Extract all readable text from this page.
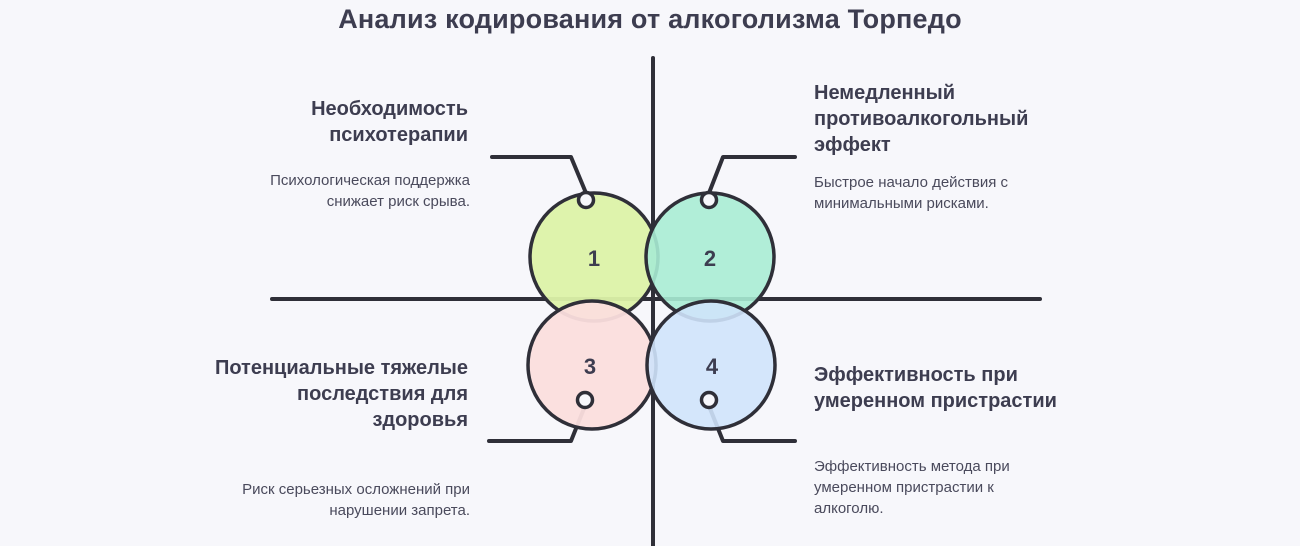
Анализ кодирования от алкоголизма Торпедо
1	2
3	4
Необходимость психотерапии
Психологическая поддержка снижает риск срыва.
Немедленный противоалкогольный эффект
Быстрое начало действия с минимальными рисками.
Потенциальные тяжелые последствия для здоровья
Риск серьезных осложнений при нарушении запрета.
Эффективность при умеренном пристрастии
Эффективность метода при умеренном пристрастии к алкоголю.
